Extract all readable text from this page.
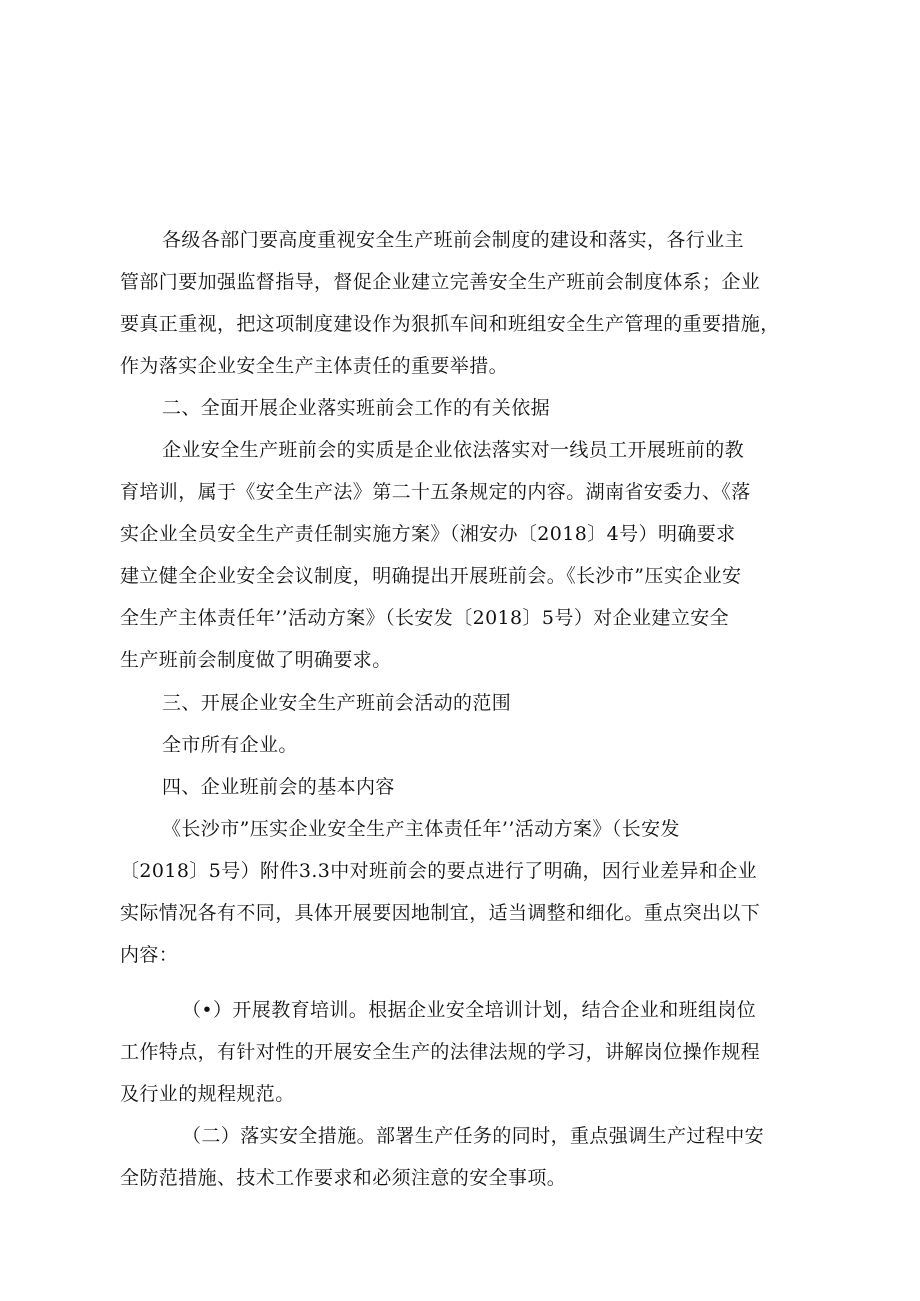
各级各部门要高度重视安全生产班前会制度的建设和落实，各行业主
管部门要加强监督指导，督促企业建立完善安全生产班前会制度体系；企业
要真正重视，把这项制度建设作为狠抓车间和班组安全生产管理的重要措施，
作为落实企业安全生产主体责任的重要举措。
二、全面开展企业落实班前会工作的有关依据
企业安全生产班前会的实质是企业依法落实对一线员工开展班前的教
育培训，属于《安全生产法》第二十五条规定的内容。湖南省安委力、《落
实企业全员安全生产责任制实施方案》（湘安办〔2018〕4号）明确要求
建立健全企业安全会议制度，明确提出开展班前会。《长沙市”压实企业安
全生产主体责任年’’活动方案》（长安发〔2018〕5号）对企业建立安全
生产班前会制度做了明确要求。
三、开展企业安全生产班前会活动的范围
全市所有企业。
四、企业班前会的基本内容
《长沙市”压实企业安全生产主体责任年’’活动方案》（长安发
〔2018〕5号）附件3.3中对班前会的要点进行了明确，因行业差异和企业
实际情况各有不同，具体开展要因地制宜，适当调整和细化。重点突出以下
内容：
（•）开展教育培训。根据企业安全培训计划，结合企业和班组岗位
工作特点，有针对性的开展安全生产的法律法规的学习，讲解岗位操作规程
及行业的规程规范。
（二）落实安全措施。部署生产任务的同时，重点强调生产过程中安
全防范措施、技术工作要求和必须注意的安全事项。
